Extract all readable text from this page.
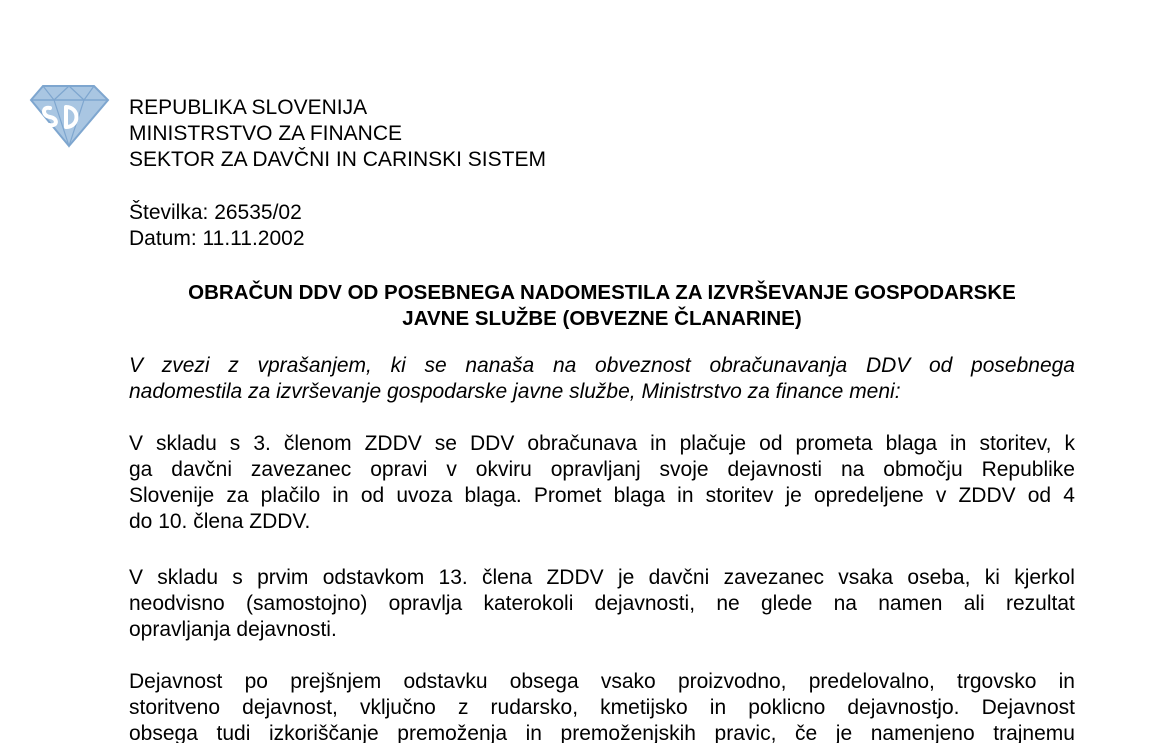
REPUBLIKA SLOVENIJA
MINISTRSTVO ZA FINANCE
SEKTOR ZA DAVČNI IN CARINSKI SISTEM
Številka: 26535/02
Datum: 11.11.2002
OBRAČUN DDV OD POSEBNEGA NADOMESTILA ZA IZVRŠEVANJE GOSPODARSKE
JAVNE SLUŽBE (OBVEZNE ČLANARINE)
V zvezi z vprašanjem, ki se nanaša na obveznost obračunavanja DDV od posebnega
nadomestila za izvrševanje gospodarske javne službe, Ministrstvo za finance meni:
V skladu s 3. členom ZDDV se DDV obračunava in plačuje od prometa blaga in storitev, k
ga davčni zavezanec opravi v okviru opravljanj svoje dejavnosti na območju Republike
Slovenije za plačilo in od uvoza blaga. Promet blaga in storitev je opredeljene v ZDDV od 4
do 10. člena ZDDV.
V skladu s prvim odstavkom 13. člena ZDDV je davčni zavezanec vsaka oseba, ki kjerkol
neodvisno (samostojno) opravlja katerokoli dejavnosti, ne glede na namen ali rezultat
opravljanja dejavnosti.
Dejavnost po prejšnjem odstavku obsega vsako proizvodno, predelovalno, trgovsko in
storitveno dejavnost, vključno z rudarsko, kmetijsko in poklicno dejavnostjo. Dejavnost
obsega tudi izkoriščanje premoženja in premoženjskih pravic, če je namenjeno trajnemu
